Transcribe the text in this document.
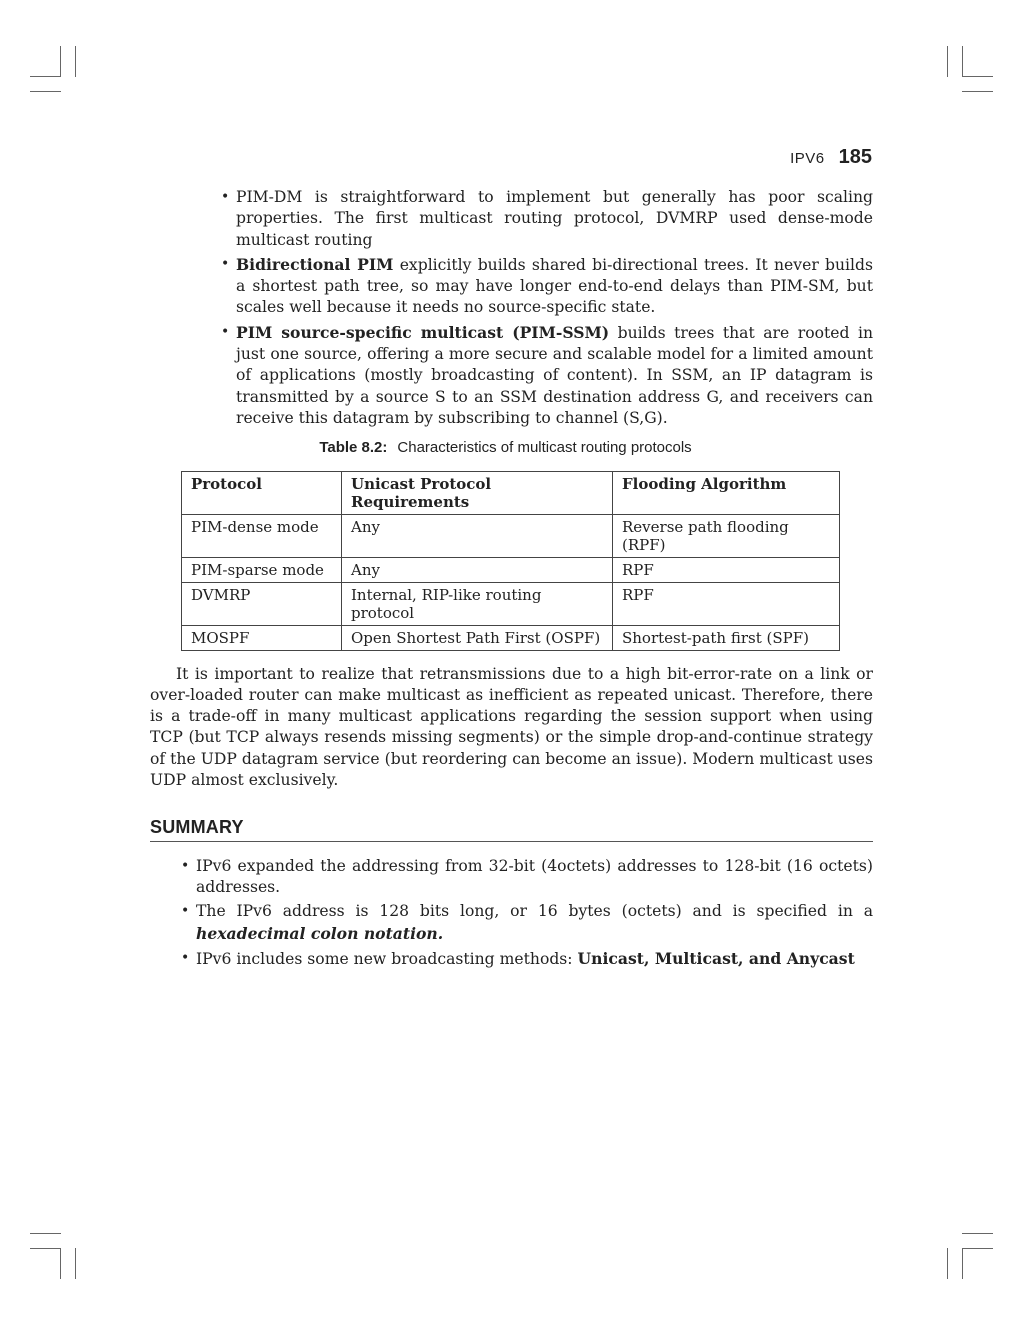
IPV6 185
• PIM-DM is straightforward to implement but generally has poor scaling properties. The first multicast routing protocol, DVMRP used dense-mode multicast routing
• Bidirectional PIM explicitly builds shared bi-directional trees. It never builds a shortest path tree, so may have longer end-to-end delays than PIM-SM, but scales well because it needs no source-specific state.
• PIM source-specific multicast (PIM-SSM) builds trees that are rooted in just one source, offering a more secure and scalable model for a limited amount of applications (mostly broadcasting of content). In SSM, an IP datagram is transmitted by a source S to an SSM destination address G, and receivers can receive this datagram by subscribing to channel (S,G).
Table 8.2: Characteristics of multicast routing protocols
Protocol	Unicast Protocol Requirements	Flooding Algorithm
PIM-dense mode	Any	Reverse path flooding (RPF)
PIM-sparse mode	Any	RPF
DVMRP	Internal, RIP-like routing protocol	RPF
MOSPF	Open Shortest Path First (OSPF)	Shortest-path first (SPF)

It is important to realize that retransmissions due to a high bit-error-rate on a link or over-loaded router can make multicast as inefficient as repeated unicast. Therefore, there is a trade-off in many multicast applications regarding the session support when using TCP (but TCP always resends missing segments) or the simple drop-and-continue strategy of the UDP datagram service (but reordering can become an issue). Modern multicast uses UDP almost exclusively.

SUMMARY
• IPv6 expanded the addressing from 32-bit (4octets) addresses to 128-bit (16 octets) addresses.
• The IPv6 address is 128 bits long, or 16 bytes (octets) and is specified in a hexadecimal colon notation.
• IPv6 includes some new broadcasting methods: Unicast, Multicast, and Anycast
